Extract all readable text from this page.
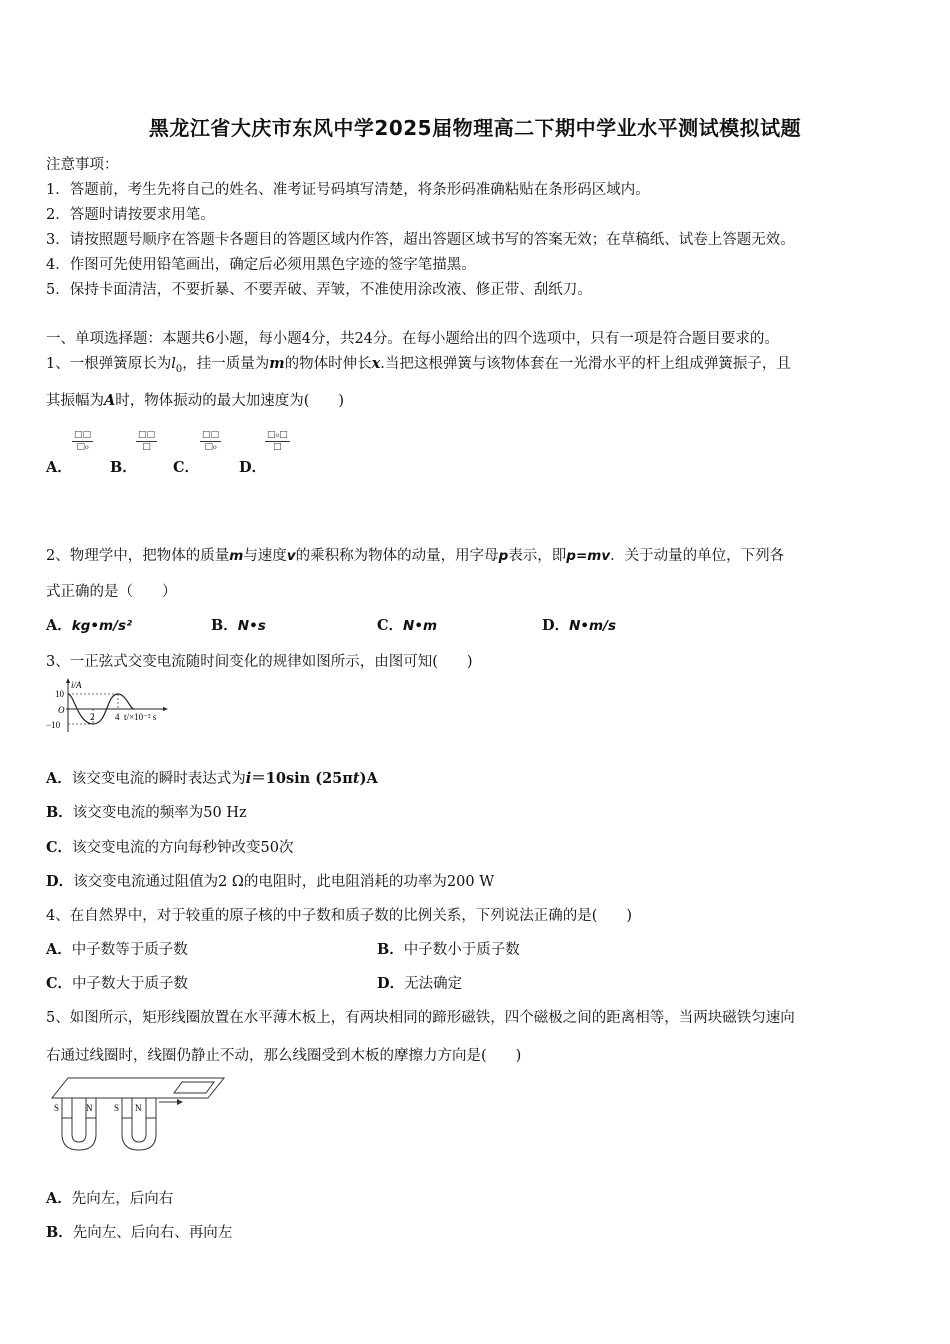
黑龙江省大庆市东风中学2025届物理高二下期中学业水平测试模拟试题
注意事项：
1．答题前，考生先将自己的姓名、准考证号码填写清楚，将条形码准确粘贴在条形码区域内。
2．答题时请按要求用笔。
3．请按照题号顺序在答题卡各题目的答题区域内作答，超出答题区域书写的答案无效；在草稿纸、试卷上答题无效。
4．作图可先使用铅笔画出，确定后必须用黑色字迹的签字笔描黑。
5．保持卡面清洁，不要折暴、不要弄破、弄皱，不准使用涂改液、修正带、刮纸刀。
一、单项选择题：本题共6小题，每小题4分，共24分。在每小题给出的四个选项中，只有一项是符合题目要求的。
1、一根弹簧原长为$l_0$，挂一质量为m的物体时伸长x.当把这根弹簧与该物体套在一光滑水平的杆上组成弹簧振子，且
其振幅为A时，物体振动的最大加速度为(　　)
A．
□□
□₀
B．
□□
□
C．
□□
□₀
D．
□₀□
□
2、物理学中，把物体的质量m与速度v的乘积称为物体的动量，用字母p表示，即p=mv．关于动量的单位，下列各
式正确的是（　　）
A．kg•m/s²	B．N•s	C．N•m	D．N•m/s
3、一正弦式交变电流随时间变化的规律如图所示，由图可知(　　)
i/A
10
−10
O
2 4 t/×10⁻² s
A．该交变电流的瞬时表达式为i＝10sin (25πt)A
B．该交变电流的频率为50 Hz
C．该交变电流的方向每秒钟改变50次
D．该交变电流通过阻值为2 Ω的电阻时，此电阻消耗的功率为200 W
4、在自然界中，对于较重的原子核的中子数和质子数的比例关系，下列说法正确的是(　　)
A．中子数等于质子数	B．中子数小于质子数
C．中子数大于质子数	D．无法确定
5、如图所示，矩形线圈放置在水平薄木板上，有两块相同的蹄形磁铁，四个磁极之间的距离相等，当两块磁铁匀速向
右通过线圈时，线圈仍静止不动，那么线圈受到木板的摩擦力方向是(　　)
S	N S N
A．先向左，后向右
B．先向左、后向右、再向左
